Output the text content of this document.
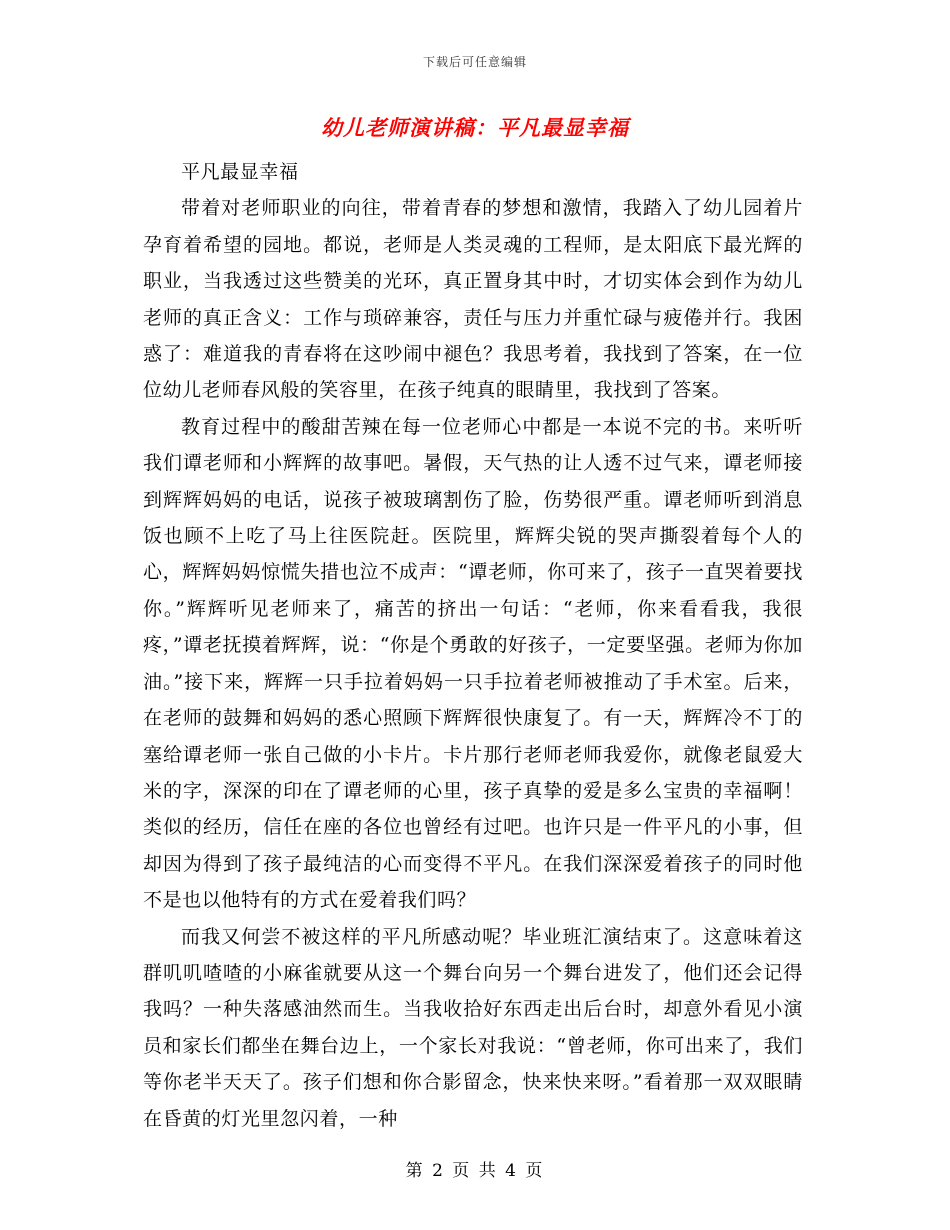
下载后可任意编辑
幼儿老师演讲稿：平凡最显幸福

平凡最显幸福

带着对老师职业的向往，带着青春的梦想和激情，我踏入了幼儿园着片孕育着希望的园地。都说，老师是人类灵魂的工程师，是太阳底下最光辉的职业，当我透过这些赞美的光环，真正置身其中时，才切实体会到作为幼儿老师的真正含义：工作与琐碎兼容，责任与压力并重忙碌与疲倦并行。我困惑了：难道我的青春将在这吵闹中褪色？我思考着，我找到了答案，在一位位幼儿老师春风般的笑容里，在孩子纯真的眼睛里，我找到了答案。

教育过程中的酸甜苦辣在每一位老师心中都是一本说不完的书。来听听我们谭老师和小辉辉的故事吧。暑假，天气热的让人透不过气来，谭老师接到辉辉妈妈的电话，说孩子被玻璃割伤了脸，伤势很严重。谭老师听到消息饭也顾不上吃了马上往医院赶。医院里，辉辉尖锐的哭声撕裂着每个人的心，辉辉妈妈惊慌失措也泣不成声：“谭老师，你可来了，孩子一直哭着要找你。”辉辉听见老师来了，痛苦的挤出一句话：“老师，你来看看我，我很疼，”谭老抚摸着辉辉，说：“你是个勇敢的好孩子，一定要坚强。老师为你加油。”接下来，辉辉一只手拉着妈妈一只手拉着老师被推动了手术室。后来，在老师的鼓舞和妈妈的悉心照顾下辉辉很快康复了。有一天，辉辉冷不丁的塞给谭老师一张自己做的小卡片。卡片那行老师老师我爱你，就像老鼠爱大米的字，深深的印在了谭老师的心里，孩子真挚的爱是多么宝贵的幸福啊！类似的经历，信任在座的各位也曾经有过吧。也许只是一件平凡的小事，但却因为得到了孩子最纯洁的心而变得不平凡。在我们深深爱着孩子的同时他不是也以他特有的方式在爱着我们吗？

而我又何尝不被这样的平凡所感动呢？毕业班汇演结束了。这意味着这群叽叽喳喳的小麻雀就要从这一个舞台向另一个舞台进发了，他们还会记得我吗？一种失落感油然而生。当我收拾好东西走出后台时，却意外看见小演员和家长们都坐在舞台边上，一个家长对我说：“曾老师，你可出来了，我们等你老半天天了。孩子们想和你合影留念，快来快来呀。”看着那一双双眼睛在昏黄的灯光里忽闪着，一种

第 2 页 共 4 页
